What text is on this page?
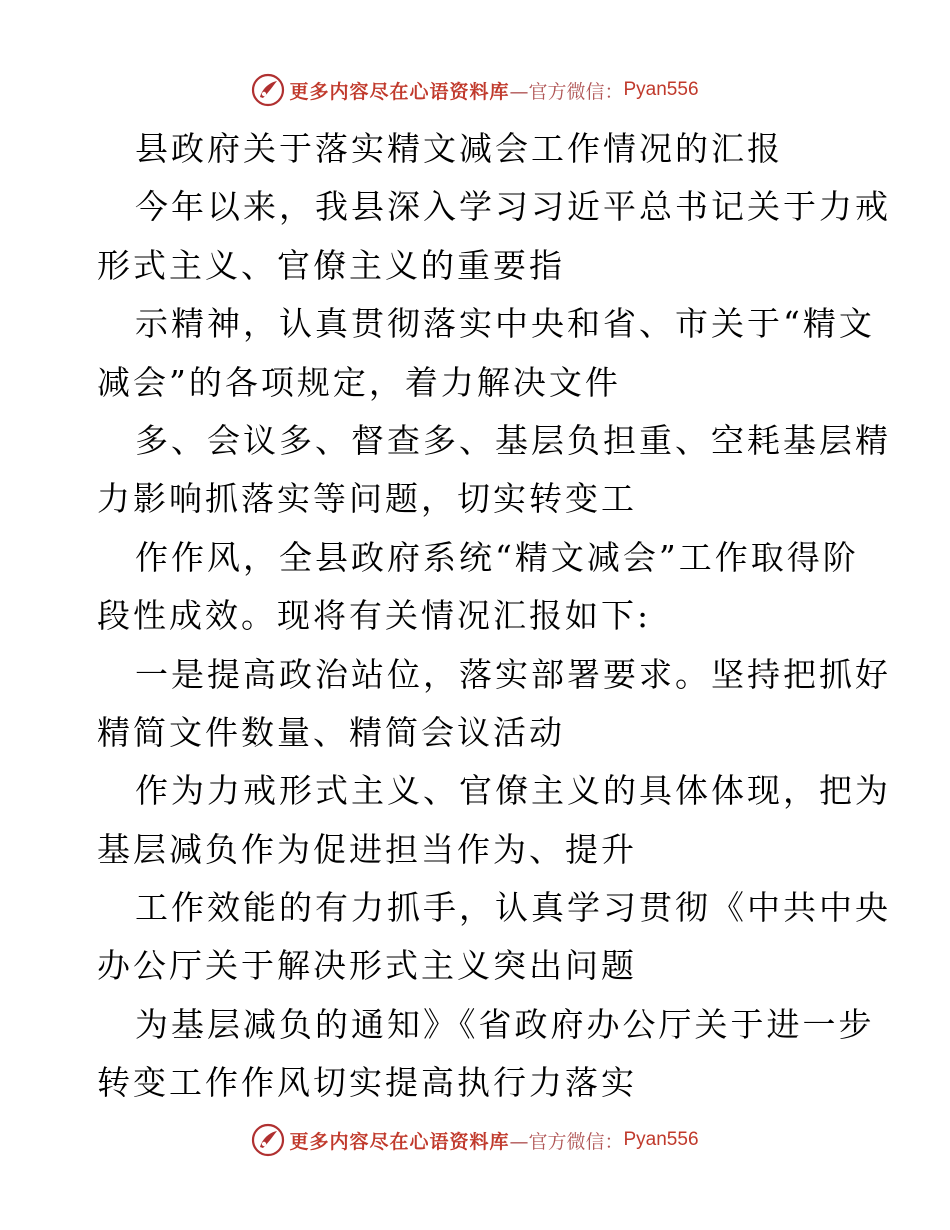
更多内容尽在心语资料库 —官方微信： Pyan556
县政府关于落实精文减会工作情况的汇报
今年以来，我县深入学习习近平总书记关于力戒
形式主义、官僚主义的重要指
示精神，认真贯彻落实中央和省、市关于“精文
减会”的各项规定，着力解决文件
多、会议多、督查多、基层负担重、空耗基层精
力影响抓落实等问题，切实转变工
作作风，全县政府系统“精文减会”工作取得阶
段性成效。现将有关情况汇报如下:
一是提高政治站位，落实部署要求。坚持把抓好
精简文件数量、精简会议活动
作为力戒形式主义、官僚主义的具体体现，把为
基层减负作为促进担当作为、提升
工作效能的有力抓手，认真学习贯彻《中共中央
办公厅关于解决形式主义突出问题
为基层减负的通知》《省政府办公厅关于进一步
转变工作作风切实提高执行力落实
更多内容尽在心语资料库 —官方微信： Pyan556
